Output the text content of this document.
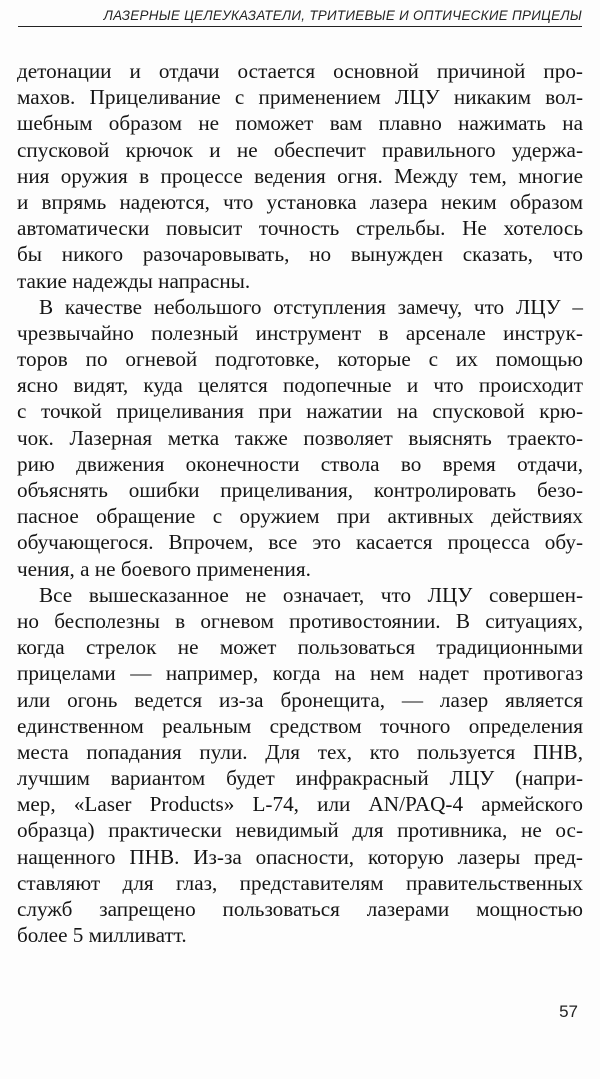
ЛАЗЕРНЫЕ ЦЕЛЕУКАЗАТЕЛИ, ТРИТИЕВЫЕ И ОПТИЧЕСКИЕ ПРИЦЕЛЫ
детонации и отдачи остается основной причиной про-
махов. Прицеливание с применением ЛЦУ никаким вол-
шебным образом не поможет вам плавно нажимать на
спусковой крючок и не обеспечит правильного удержа-
ния оружия в процессе ведения огня. Между тем, многие
и впрямь надеются, что установка лазера неким образом
автоматически повысит точность стрельбы. Не хотелось
бы никого разочаровывать, но вынужден сказать, что
такие надежды напрасны.
В качестве небольшого отступления замечу, что ЛЦУ –
чрезвычайно полезный инструмент в арсенале инструк-
торов по огневой подготовке, которые с их помощью
ясно видят, куда целятся подопечные и что происходит
с точкой прицеливания при нажатии на спусковой крю-
чок. Лазерная метка также позволяет выяснять траекто-
рию движения оконечности ствола во время отдачи,
объяснять ошибки прицеливания, контролировать безо-
пасное обращение с оружием при активных действиях
обучающегося. Впрочем, все это касается процесса обу-
чения, а не боевого применения.
Все вышесказанное не означает, что ЛЦУ совершен-
но бесполезны в огневом противостоянии. В ситуациях,
когда стрелок не может пользоваться традиционными
прицелами — например, когда на нем надет противогаз
или огонь ведется из-за бронещита, — лазер является
единственном реальным средством точного определения
места попадания пули. Для тех, кто пользуется ПНВ,
лучшим вариантом будет инфракрасный ЛЦУ (напри-
мер, «Laser Products» L-74, или AN/PAQ-4 армейского
образца) практически невидимый для противника, не ос-
нащенного ПНВ. Из-за опасности, которую лазеры пред-
ставляют для глаз, представителям правительственных
служб запрещено пользоваться лазерами мощностью
более 5 милливатт.
57
